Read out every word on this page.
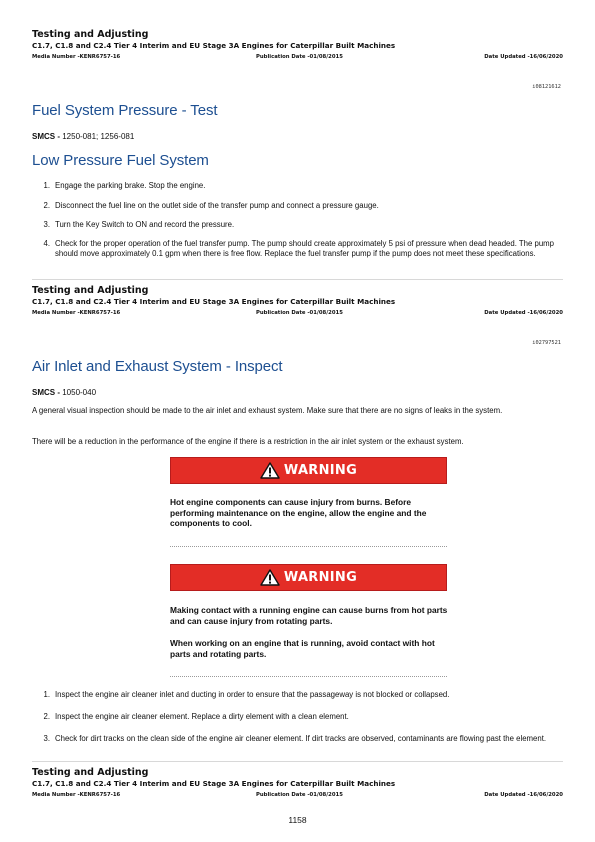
Testing and Adjusting
C1.7, C1.8 and C2.4 Tier 4 Interim and EU Stage 3A Engines for Caterpillar Built Machines
Media Number -KENR6757-16	Publication Date -01/08/2015	Date Updated -16/06/2020
i08121612
Fuel System Pressure - Test
SMCS - 1250-081; 1256-081
Low Pressure Fuel System
1. Engage the parking brake. Stop the engine.
2. Disconnect the fuel line on the outlet side of the transfer pump and connect a pressure gauge.
3. Turn the Key Switch to ON and record the pressure.
4. Check for the proper operation of the fuel transfer pump. The pump should create approximately 5 psi of pressure when dead headed. The pump should move approximately 0.1 gpm when there is free flow. Replace the fuel transfer pump if the pump does not meet these specifications.
Testing and Adjusting
C1.7, C1.8 and C2.4 Tier 4 Interim and EU Stage 3A Engines for Caterpillar Built Machines
Media Number -KENR6757-16	Publication Date -01/08/2015	Date Updated -16/06/2020
i02797521
Air Inlet and Exhaust System - Inspect
SMCS - 1050-040
A general visual inspection should be made to the air inlet and exhaust system. Make sure that there are no signs of leaks in the system.
There will be a reduction in the performance of the engine if there is a restriction in the air inlet system or the exhaust system.
WARNING
Hot engine components can cause injury from burns. Before performing maintenance on the engine, allow the engine and the components to cool.
WARNING
Making contact with a running engine can cause burns from hot parts and can cause injury from rotating parts.
When working on an engine that is running, avoid contact with hot parts and rotating parts.
1. Inspect the engine air cleaner inlet and ducting in order to ensure that the passageway is not blocked or collapsed.
2. Inspect the engine air cleaner element. Replace a dirty element with a clean element.
3. Check for dirt tracks on the clean side of the engine air cleaner element. If dirt tracks are observed, contaminants are flowing past the element.
Testing and Adjusting
C1.7, C1.8 and C2.4 Tier 4 Interim and EU Stage 3A Engines for Caterpillar Built Machines
Media Number -KENR6757-16	Publication Date -01/08/2015	Date Updated -16/06/2020
1158
